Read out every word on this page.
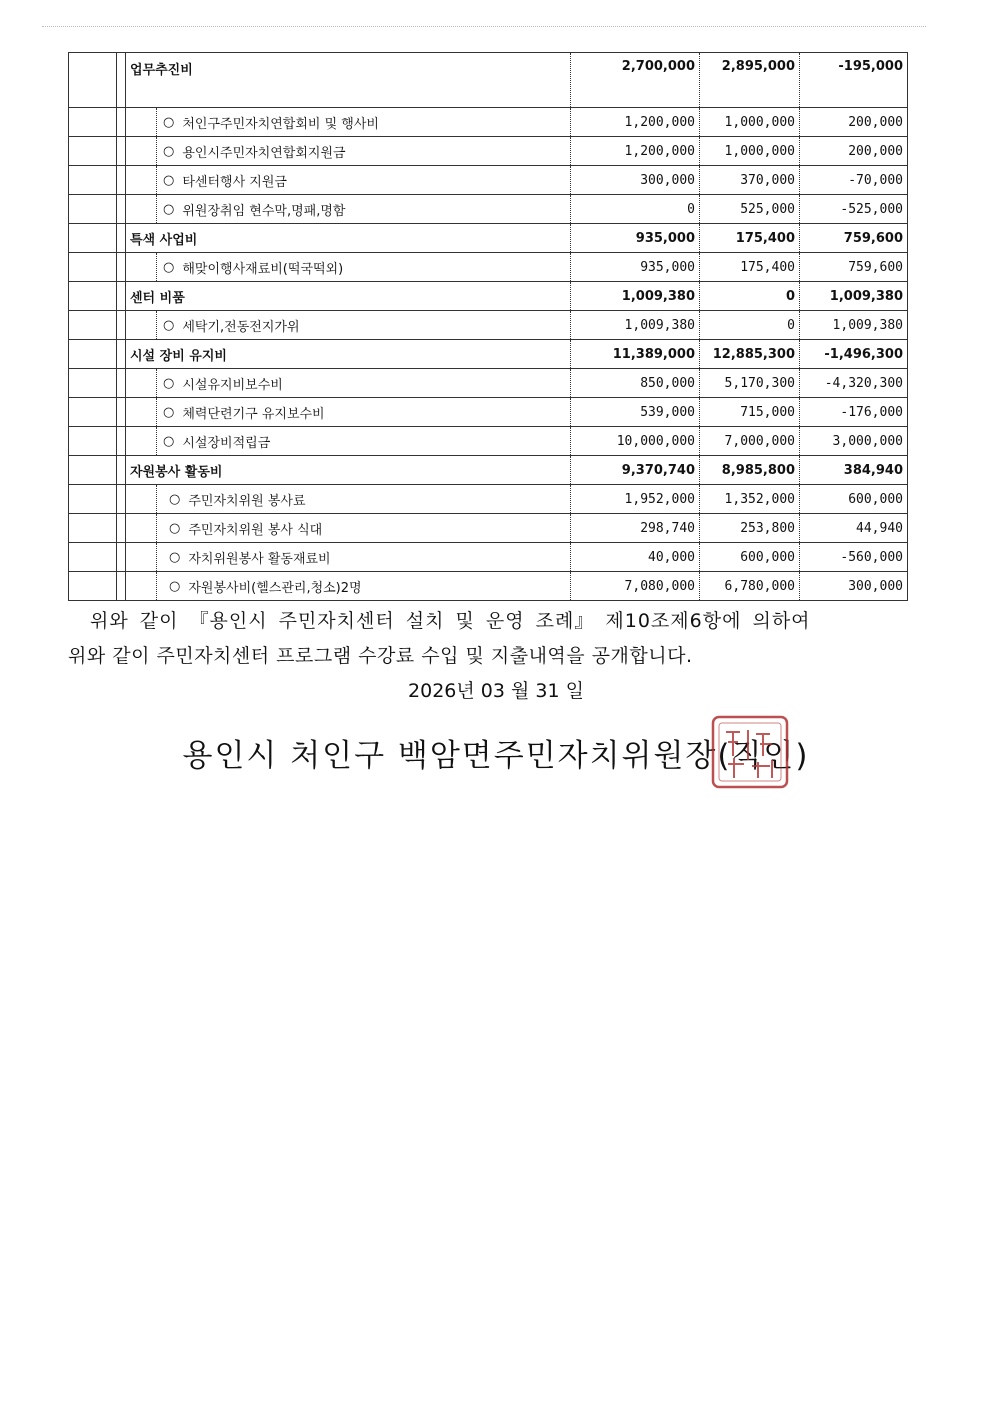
		업무추진비	2,700,000	2,895,000	-195,000

		○ 처인구주민자치연합회비 및 행사비	1,200,000	1,000,000	200,000

		○ 용인시주민자치연합회지원금	1,200,000	1,000,000	200,000

		○ 타센터행사 지원금	300,000	370,000	-70,000

		○ 위원장취임 현수막,명패,명함	0	525,000	-525,000
		특색 사업비	935,000	175,400	759,600

		○ 해맞이행사재료비(떡국떡외)	935,000	175,400	759,600
		센터 비품	1,009,380	0	1,009,380

		○ 세탁기,전동전지가위	1,009,380	0	1,009,380
		시설 장비 유지비	11,389,000	12,885,300	-1,496,300

		○ 시설유지비보수비	850,000	5,170,300	-4,320,300

		○ 체력단련기구 유지보수비	539,000	715,000	-176,000

		○ 시설장비적립금	10,000,000	7,000,000	3,000,000
		자원봉사 활동비	9,370,740	8,985,800	384,940

		○ 주민자치위원 봉사료	1,952,000	1,352,000	600,000

		○ 주민자치위원 봉사 식대	298,740	253,800	44,940

		○ 자치위원봉사 활동재료비	40,000	600,000	-560,000

		○ 자원봉사비(헬스관리,청소)2명	7,080,000	6,780,000	300,000
위와 같이 『용인시 주민자치센터 설치 및 운영 조례』 제10조제6항에 의하여
위와 같이 주민자치센터 프로그램 수강료 수입 및 지출내역을 공개합니다.
2026년 03 월 31 일
용인시 처인구 백암면주민자치위원장(직인)
